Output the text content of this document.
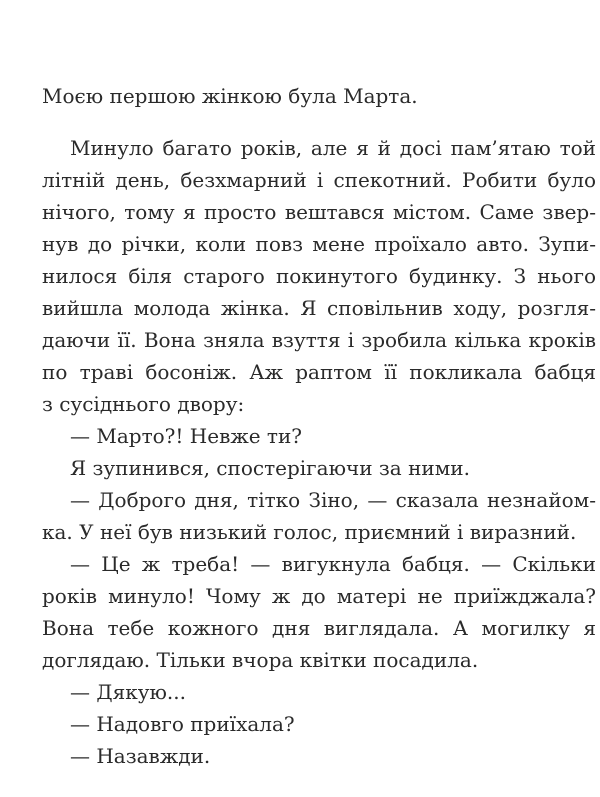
Моєю першою жінкою була Марта.

Минуло багато років, але я й досі пам’ятаю той
літній день, безхмарний і спекотний. Робити було
нічого, тому я просто вештався містом. Саме звер-
нув до річки, коли повз мене проїхало авто. Зупи-
нилося біля старого покинутого будинку. З нього
вийшла молода жінка. Я сповільнив ходу, розгля-
даючи її. Вона зняла взуття і зробила кілька кроків
по траві босоніж. Аж раптом її покликала бабця
з сусіднього двору:
— Марто?! Невже ти?
Я зупинився, спостерігаючи за ними.
— Доброго дня, тітко Зіно, — сказала незнайом-
ка. У неї був низький голос, приємний і виразний.
— Це ж треба! — вигукнула бабця. — Скільки
років минуло! Чому ж до матері не приїжджала?
Вона тебе кожного дня виглядала. А могилку я
доглядаю. Тільки вчора квітки посадила.
— Дякую...
— Надовго приїхала?
— Назавжди.
